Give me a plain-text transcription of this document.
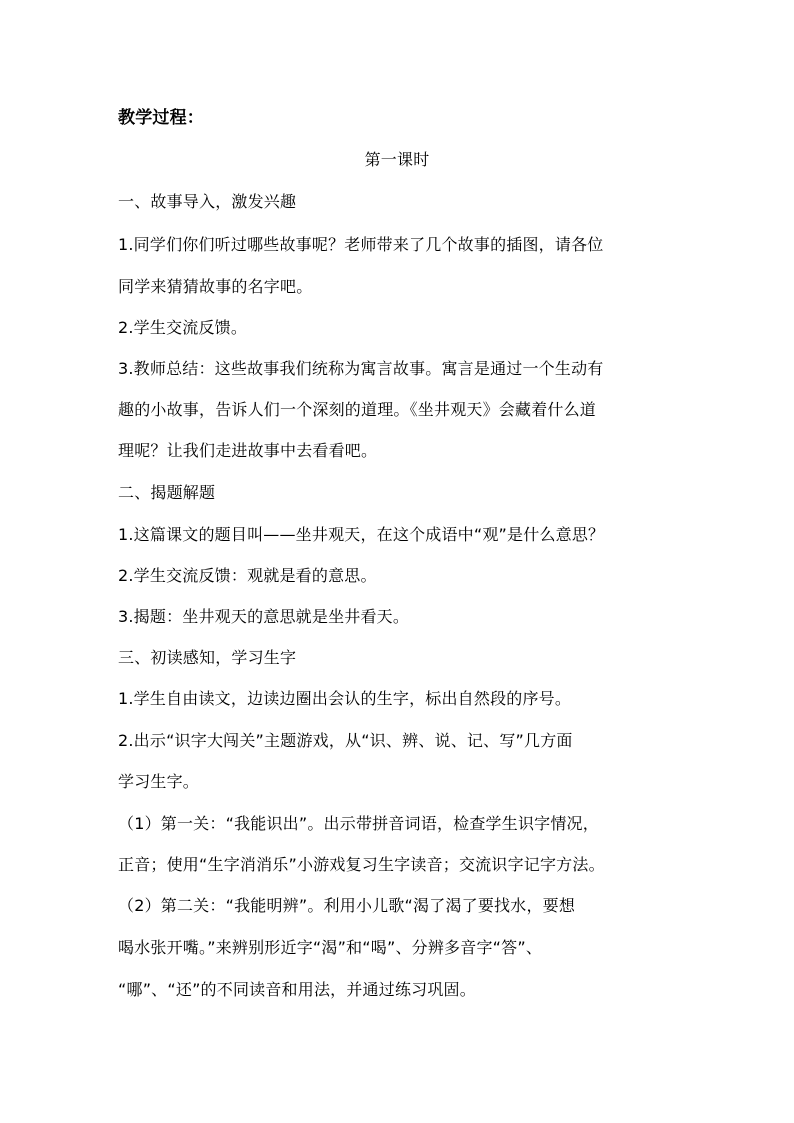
教学过程：
第一课时
一、故事导入，激发兴趣
1.同学们你们听过哪些故事呢？老师带来了几个故事的插图，请各位
同学来猜猜故事的名字吧。
2.学生交流反馈。
3.教师总结：这些故事我们统称为寓言故事。寓言是通过一个生动有
趣的小故事，告诉人们一个深刻的道理。《坐井观天》会藏着什么道
理呢？让我们走进故事中去看看吧。
二、揭题解题
1.这篇课文的题目叫——坐井观天，在这个成语中“观”是什么意思？
2.学生交流反馈：观就是看的意思。
3.揭题：坐井观天的意思就是坐井看天。
三、初读感知，学习生字
1.学生自由读文，边读边圈出会认的生字，标出自然段的序号。
2.出示“识字大闯关”主题游戏，从“识、辨、说、记、写”几方面
学习生字。
（1）第一关：“我能识出”。出示带拼音词语，检查学生识字情况，
正音；使用“生字消消乐”小游戏复习生字读音；交流识字记字方法。
（2）第二关：“我能明辨”。利用小儿歌“渴了渴了要找水，要想
喝水张开嘴。”来辨别形近字“渴”和“喝”、分辨多音字“答”、
“哪”、“还”的不同读音和用法，并通过练习巩固。
